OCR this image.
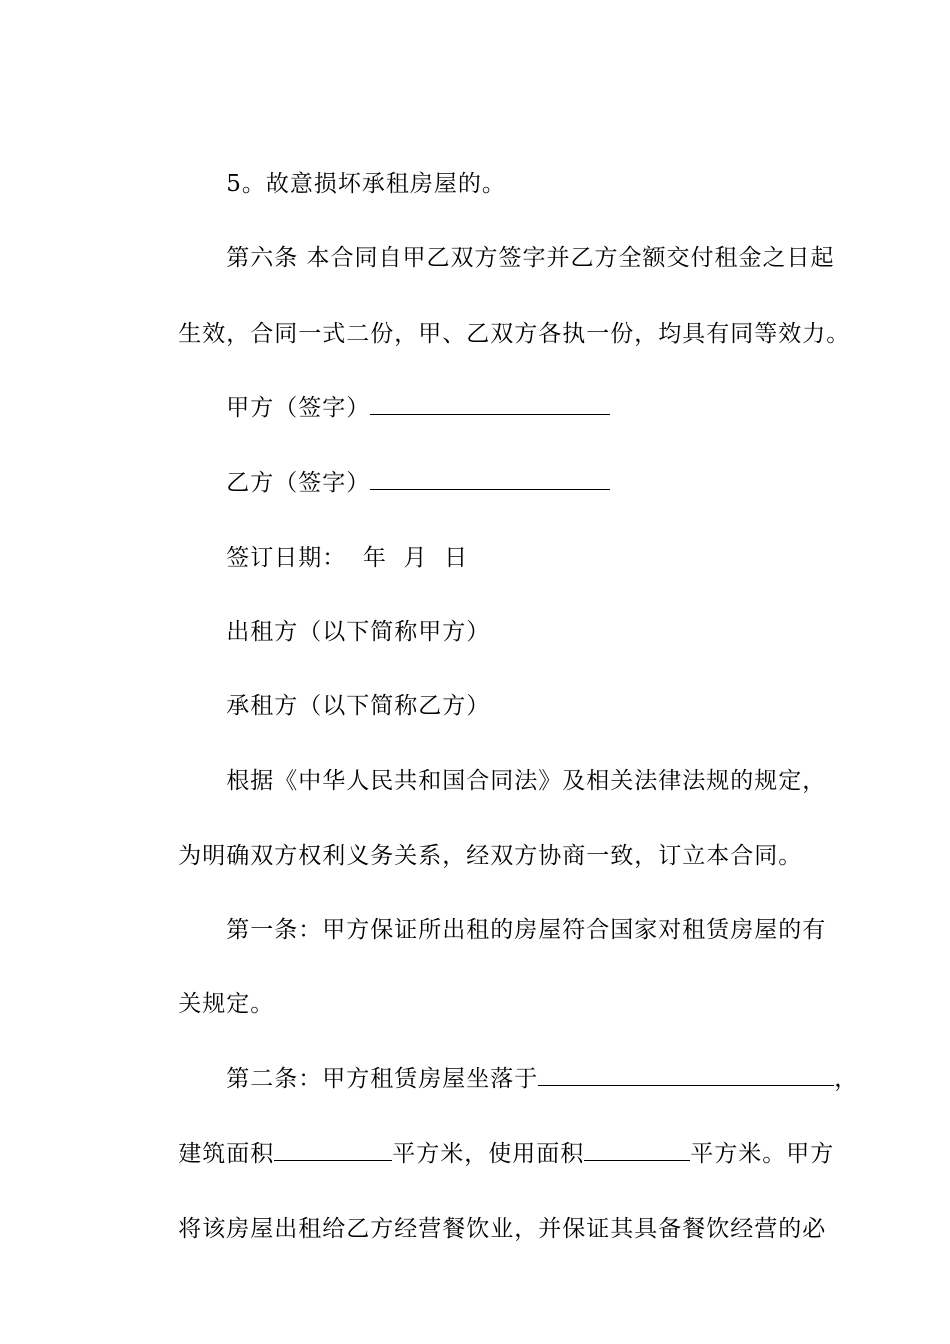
5。故意损坏承租房屋的。

第六条 本合同自甲乙双方签字并乙方全额交付租金之日起

生效，合同一式二份，甲、乙双方各执一份，均具有同等效力。

甲方（签字）

乙方（签字）

签订日期：  年  月  日

出租方（以下简称甲方）

承租方（以下简称乙方）

根据《中华人民共和国合同法》及相关法律法规的规定，

为明确双方权利义务关系，经双方协商一致，订立本合同。

第一条：甲方保证所出租的房屋符合国家对租赁房屋的有

关规定。

第二条：甲方租赁房屋坐落于	，

建筑面积	平方米，使用面积	平方米。甲方

将该房屋出租给乙方经营餐饮业，并保证其具备餐饮经营的必
